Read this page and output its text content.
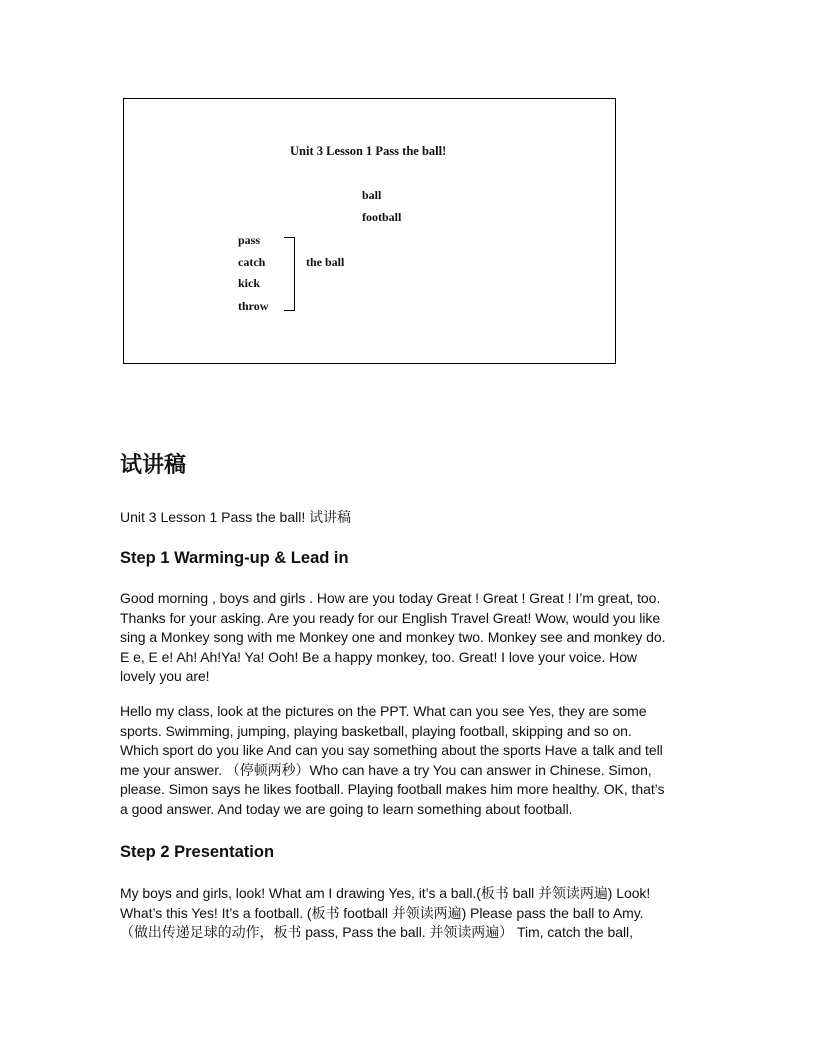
Unit 3 Lesson 1 Pass the ball!
ball
football
pass
catch
kick
throw
the ball
试讲稿

Unit 3 Lesson 1 Pass the ball! 试讲稿

Step 1 Warming-up & Lead in
Good morning , boys and girls . How are you today Great ! Great ! Great ! I’m great, too.
Thanks for your asking. Are you ready for our English Travel Great! Wow, would you like
sing a Monkey song with me Monkey one and monkey two. Monkey see and monkey do.
E e, E e! Ah! Ah!Ya! Ya! Ooh! Be a happy monkey, too. Great! I love your voice. How
lovely you are!
Hello my class, look at the pictures on the PPT. What can you see Yes, they are some
sports. Swimming, jumping, playing basketball, playing football, skipping and so on.
Which sport do you like And can you say something about the sports Have a talk and tell
me your answer. （停顿两秒）Who can have a try You can answer in Chinese. Simon,
please. Simon says he likes football. Playing football makes him more healthy. OK, that’s
a good answer. And today we are going to learn something about football.
Step 2 Presentation
My boys and girls, look! What am I drawing Yes, it’s a ball.(板书 ball 并领读两遍) Look!
What’s this Yes! It’s a football. (板书 football 并领读两遍) Please pass the ball to Amy.
（做出传递足球的动作，板书 pass, Pass the ball. 并领读两遍） Tim, catch the ball,
